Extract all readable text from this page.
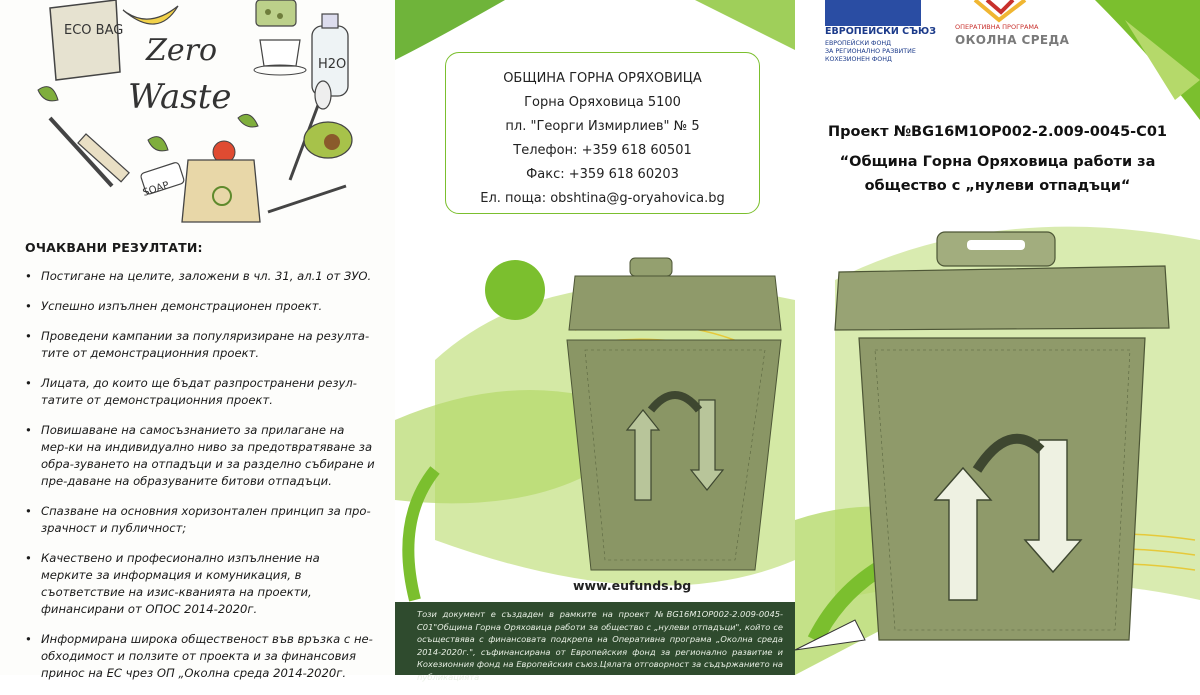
ECO BAG
Zero
Waste
H2O
SOAP
ОЧАКВАНИ РЕЗУЛТАТИ:
• Постигане на целите, заложени в чл. 31, ал.1 от ЗУО.
• Успешно изпълнен демонстрационен проект.
• Проведени кампании за популяризиране на резулта-тите от демонстрационния проект.
• Лицата, до които ще бъдат разпространени резул-татите от демонстрационния проект.
• Повишаване на самосъзнанието за прилагане на мер-ки на индивидуално ниво за предотвратяване за обра-зуването на отпадъци и за разделно събиране и пре-даване на образуваните битови отпадъци.
• Спазване на основния хоризонтален принцип за про-зрачност и публичност;
• Качествено и професионално изпълнение на мерките за информация и комуникация, в съответствие на изис-кванията на проекти, финансирани от ОПОС 2014-2020г.
• Информирана широка общественост във връзка с не-обходимост и ползите от проекта и за финансовия принос на ЕС чрез ОП „Околна среда 2014-2020г.
ОБЩИНА ГОРНА ОРЯХОВИЦА
Горна Оряховица 5100
пл. "Георги Измирлиев" № 5
Телефон: +359 618 60501
Факс: +359 618 60203
Ел. поща: obshtina@g-oryahovica.bg
www.eufunds.bg

Този документ е създаден в рамките на проект №BG16M1OP002-2.009-0045-C01"Община Горна Оряховица работи за общество с „нулеви отпадъци", който се осъществява с финансовата подкрепа на Оперативна програма „Околна среда 2014-2020г.", съфинансирана от Европейския фонд за регионално развитие и Кохезионния фонд на Европейския съюз.Цялата отговорност за съдържанието на публикацията

ЕВРОПЕЙСКИ СЪЮЗ
ЕВРОПЕЙСКИ ФОНД
ЗА РЕГИОНАЛНО РАЗВИТИЕ
КОХЕЗИОНЕН ФОНД
ОПЕРАТИВНА ПРОГРАМА
ОКОЛНА СРЕДА
Проект №BG16M1OP002-2.009-0045-C01
“Община Горна Оряховица работи за
общество с „нулеви отпадъци“
